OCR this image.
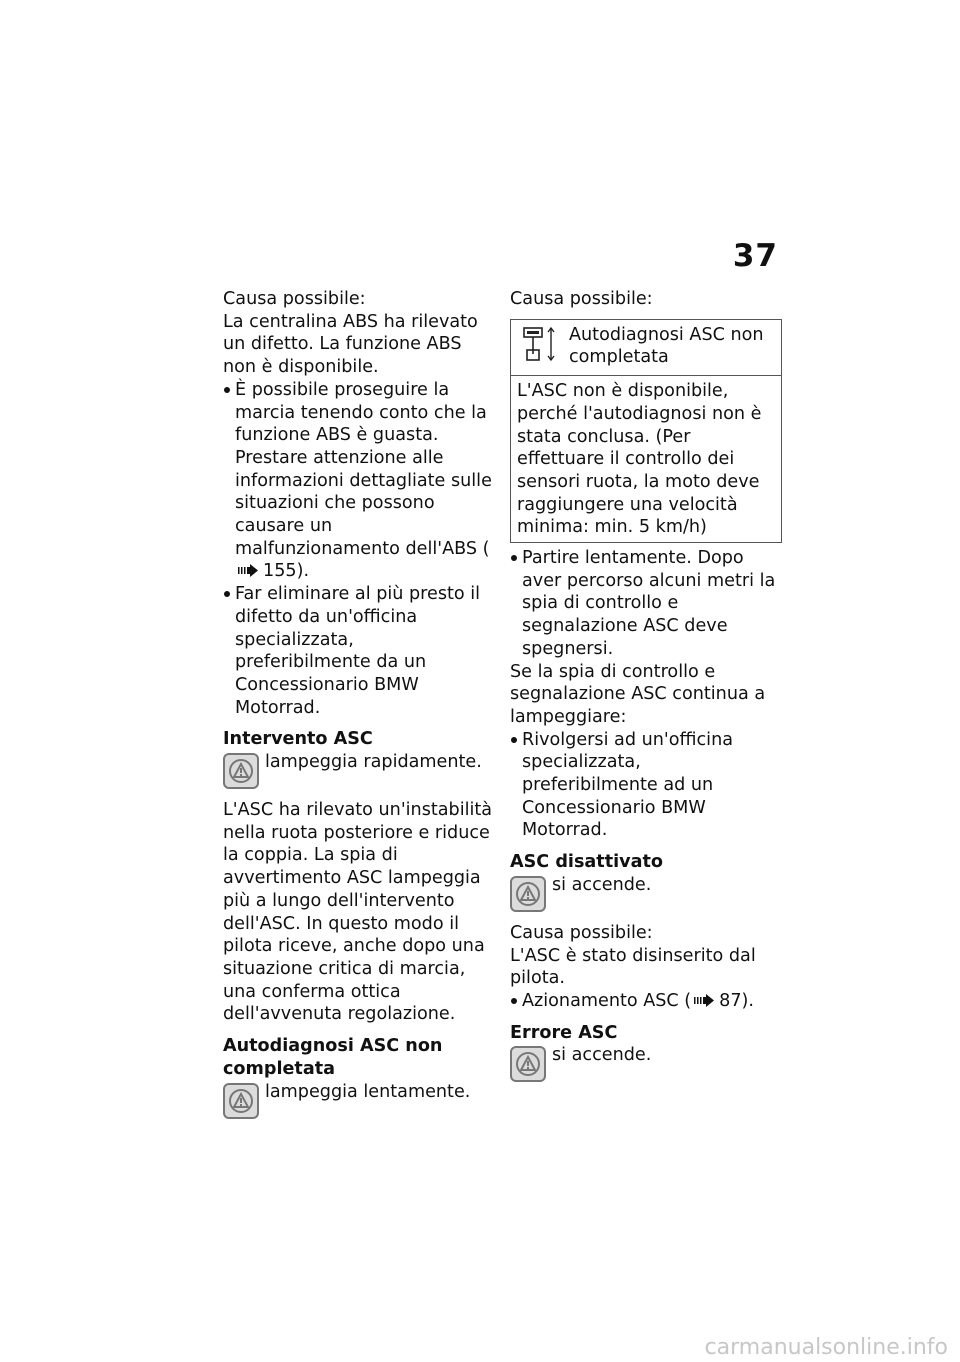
37

Causa possibile:

La centralina ABS ha rilevato un difetto. La funzione ABS non è disponibile.

È possibile proseguire la marcia tenendo conto che la funzione ABS è guasta. Prestare attenzione alle informazioni dettagliate sulle situazioni che possono causare un malfunzionamento dell'ABS (155).
Far eliminare al più presto il difetto da un'officina specializzata, preferibilmente da un Concessionario BMW Motorrad.

Intervento ASC

lampeggia rapidamente.

L'ASC ha rilevato un'instabilità nella ruota posteriore e riduce la coppia. La spia di avvertimento ASC lampeggia più a lungo dell'intervento dell'ASC. In questo modo il pilota riceve, anche dopo una situazione critica di marcia, una conferma ottica dell'avvenuta regolazione.

Autodiagnosi ASC non completata

lampeggia lentamente.

Causa possibile:

Autodiagnosi ASC non completata
L'ASC non è disponibile, perché l'autodiagnosi non è stata conclusa. (Per effettuare il controllo dei sensori ruota, la moto deve raggiungere una velocità minima: min. 5 km/h)
Partire lentamente. Dopo aver percorso alcuni metri la spia di controllo e segnalazione ASC deve spegnersi.

Se la spia di controllo e segnalazione ASC continua a lampeggiare:

Rivolgersi ad un'officina specializzata, preferibilmente ad un Concessionario BMW Motorrad.

ASC disattivato

si accende.

Causa possibile:

L'ASC è stato disinserito dal pilota.

Azionamento ASC ( 87).

Errore ASC

si accende.
carmanualsonline.info
